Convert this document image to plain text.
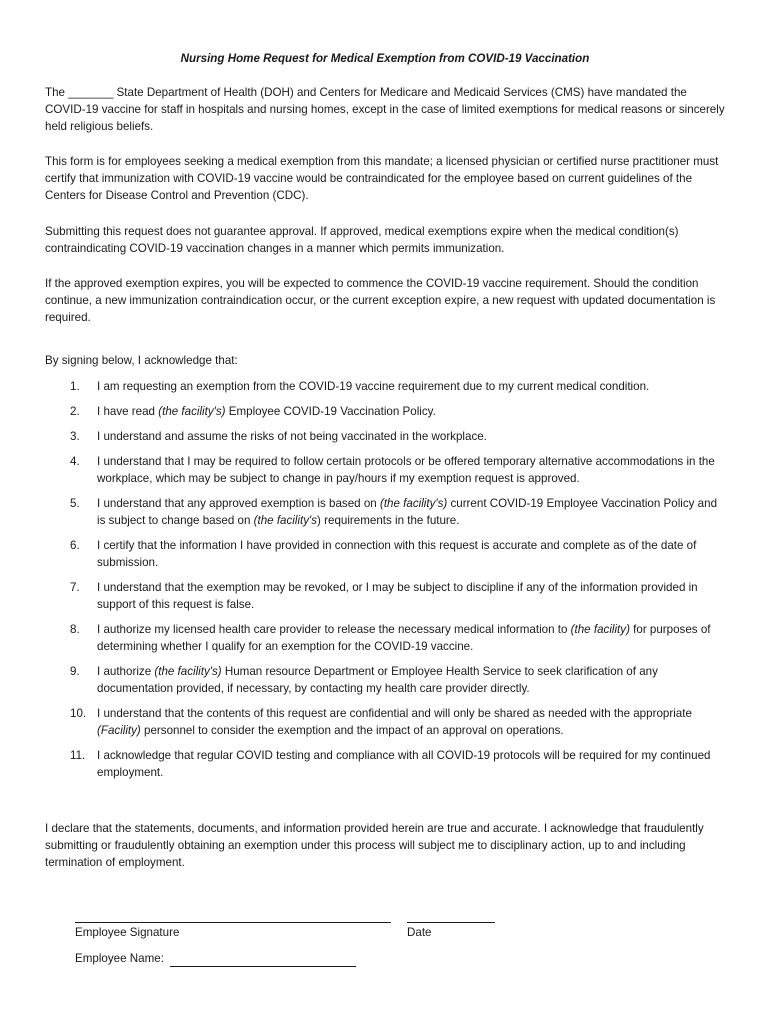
Nursing Home Request for Medical Exemption from COVID-19 Vaccination

The _______ State Department of Health (DOH) and Centers for Medicare and Medicaid Services (CMS) have mandated the COVID-19 vaccine for staff in hospitals and nursing homes, except in the case of limited exemptions for medical reasons or sincerely held religious beliefs.

This form is for employees seeking a medical exemption from this mandate; a licensed physician or certified nurse practitioner must certify that immunization with COVID-19 vaccine would be contraindicated for the employee based on current guidelines of the Centers for Disease Control and Prevention (CDC).

Submitting this request does not guarantee approval. If approved, medical exemptions expire when the medical condition(s) contraindicating COVID-19 vaccination changes in a manner which permits immunization.

If the approved exemption expires, you will be expected to commence the COVID-19 vaccine requirement. Should the condition continue, a new immunization contraindication occur, or the current exception expire, a new request with updated documentation is required.

By signing below, I acknowledge that:

1. I am requesting an exemption from the COVID-19 vaccine requirement due to my current medical condition.
2. I have read (the facility's) Employee COVID-19 Vaccination Policy.
3. I understand and assume the risks of not being vaccinated in the workplace.
4. I understand that I may be required to follow certain protocols or be offered temporary alternative accommodations in the workplace, which may be subject to change in pay/hours if my exemption request is approved.
5. I understand that any approved exemption is based on (the facility's) current COVID-19 Employee Vaccination Policy and is subject to change based on (the facility's) requirements in the future.
6. I certify that the information I have provided in connection with this request is accurate and complete as of the date of submission.
7. I understand that the exemption may be revoked, or I may be subject to discipline if any of the information provided in support of this request is false.
8. I authorize my licensed health care provider to release the necessary medical information to (the facility) for purposes of determining whether I qualify for an exemption for the COVID-19 vaccine.
9. I authorize (the facility's) Human resource Department or Employee Health Service to seek clarification of any documentation provided, if necessary, by contacting my health care provider directly.
10. I understand that the contents of this request are confidential and will only be shared as needed with the appropriate (Facility) personnel to consider the exemption and the impact of an approval on operations.
11. I acknowledge that regular COVID testing and compliance with all COVID-19 protocols will be required for my continued employment.

I declare that the statements, documents, and information provided herein are true and accurate. I acknowledge that fraudulently submitting or fraudulently obtaining an exemption under this process will subject me to disciplinary action, up to and including termination of employment.

Employee Signature	Date
Employee Name:
